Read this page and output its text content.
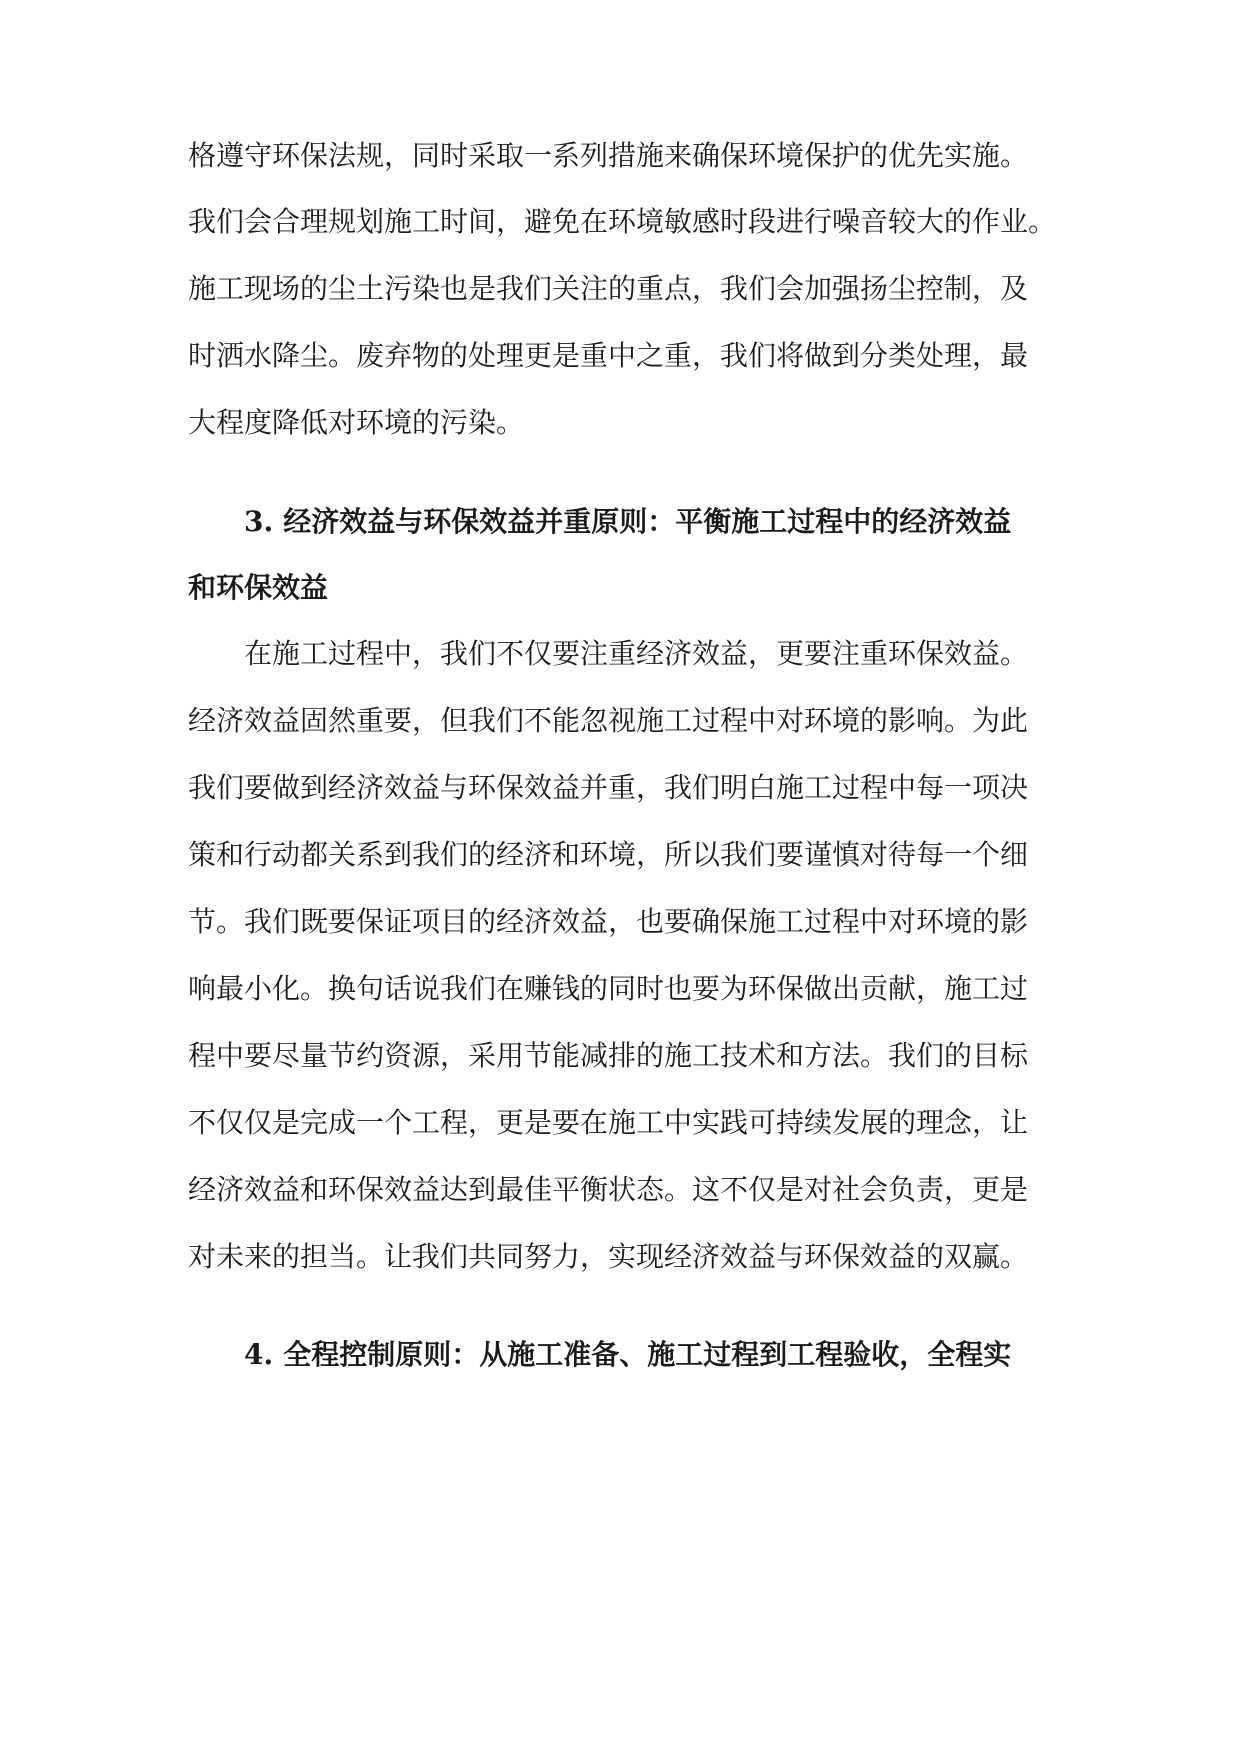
格遵守环保法规，同时采取一系列措施来确保环境保护的优先实施。

我们会合理规划施工时间，避免在环境敏感时段进行噪音较大的作业。

施工现场的尘土污染也是我们关注的重点，我们会加强扬尘控制，及

时洒水降尘。废弃物的处理更是重中之重，我们将做到分类处理，最

大程度降低对环境的污染。

3. 经济效益与环保效益并重原则：平衡施工过程中的经济效益

和环保效益

在施工过程中，我们不仅要注重经济效益，更要注重环保效益。

经济效益固然重要，但我们不能忽视施工过程中对环境的影响。为此

我们要做到经济效益与环保效益并重，我们明白施工过程中每一项决

策和行动都关系到我们的经济和环境，所以我们要谨慎对待每一个细

节。我们既要保证项目的经济效益，也要确保施工过程中对环境的影

响最小化。换句话说我们在赚钱的同时也要为环保做出贡献，施工过

程中要尽量节约资源，采用节能减排的施工技术和方法。我们的目标

不仅仅是完成一个工程，更是要在施工中实践可持续发展的理念，让

经济效益和环保效益达到最佳平衡状态。这不仅是对社会负责，更是

对未来的担当。让我们共同努力，实现经济效益与环保效益的双赢。

4. 全程控制原则：从施工准备、施工过程到工程验收，全程实
